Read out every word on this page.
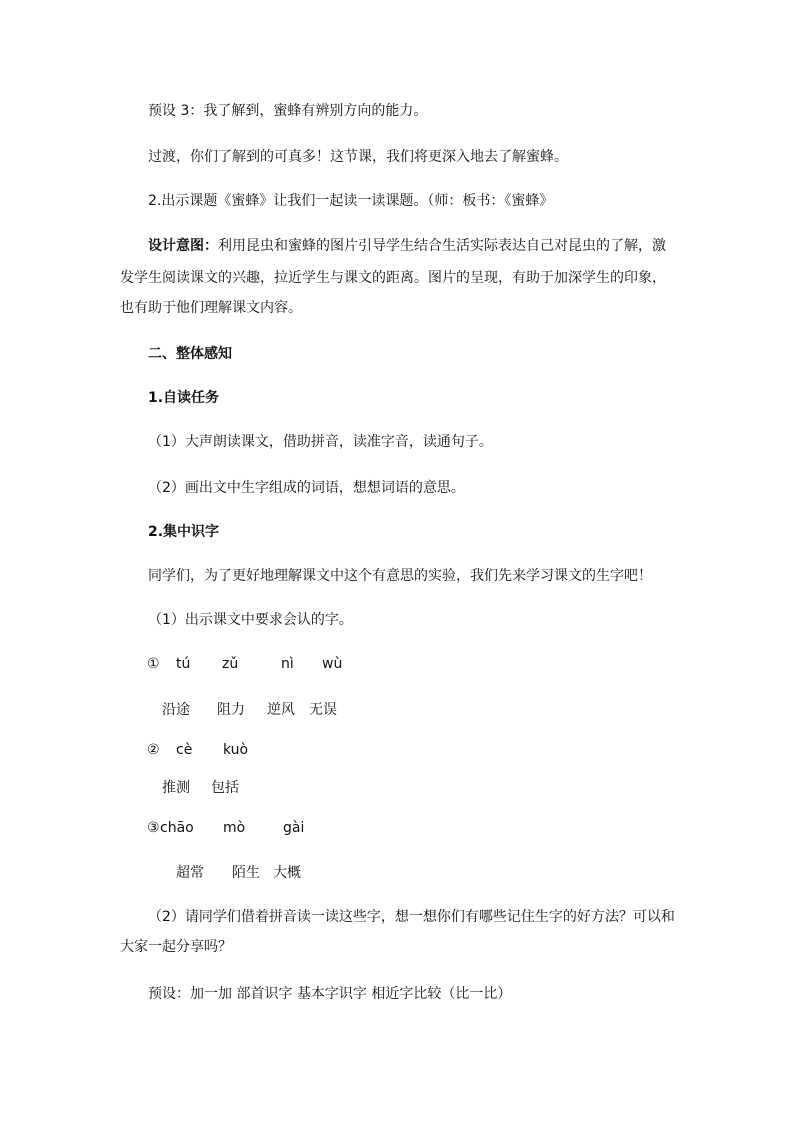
预设 3：我了解到，蜜蜂有辨别方向的能力。
过渡，你们了解到的可真多！这节课，我们将更深入地去了解蜜蜂。
2.出示课题《蜜蜂》让我们一起读一读课题。（师：板书：《蜜蜂》
设计意图：利用昆虫和蜜蜂的图片引导学生结合生活实际表达自己对昆虫的了解，激
发学生阅读课文的兴趣，拉近学生与课文的距离。图片的呈现，有助于加深学生的印象，
也有助于他们理解课文内容。
二、整体感知
1.自读任务
（1）大声朗读课文，借助拼音，读准字音，读通句子。
（2）画出文中生字组成的词语，想想词语的意思。
2.集中识字
同学们，为了更好地理解课文中这个有意思的实验，我们先来学习课文的生字吧！
（1）出示课文中要求会认的字。
① tú zǔ	nì wù
沿途 阻力 逆风 无误
② cè kuò
推测 包括
③ chāo mò	gài
超常 陌生 大概
（2）请同学们借着拼音读一读这些字，想一想你们有哪些记住生字的好方法？可以和
大家一起分享吗？
预设：加一加 部首识字 基本字识字 相近字比较（比一比）
